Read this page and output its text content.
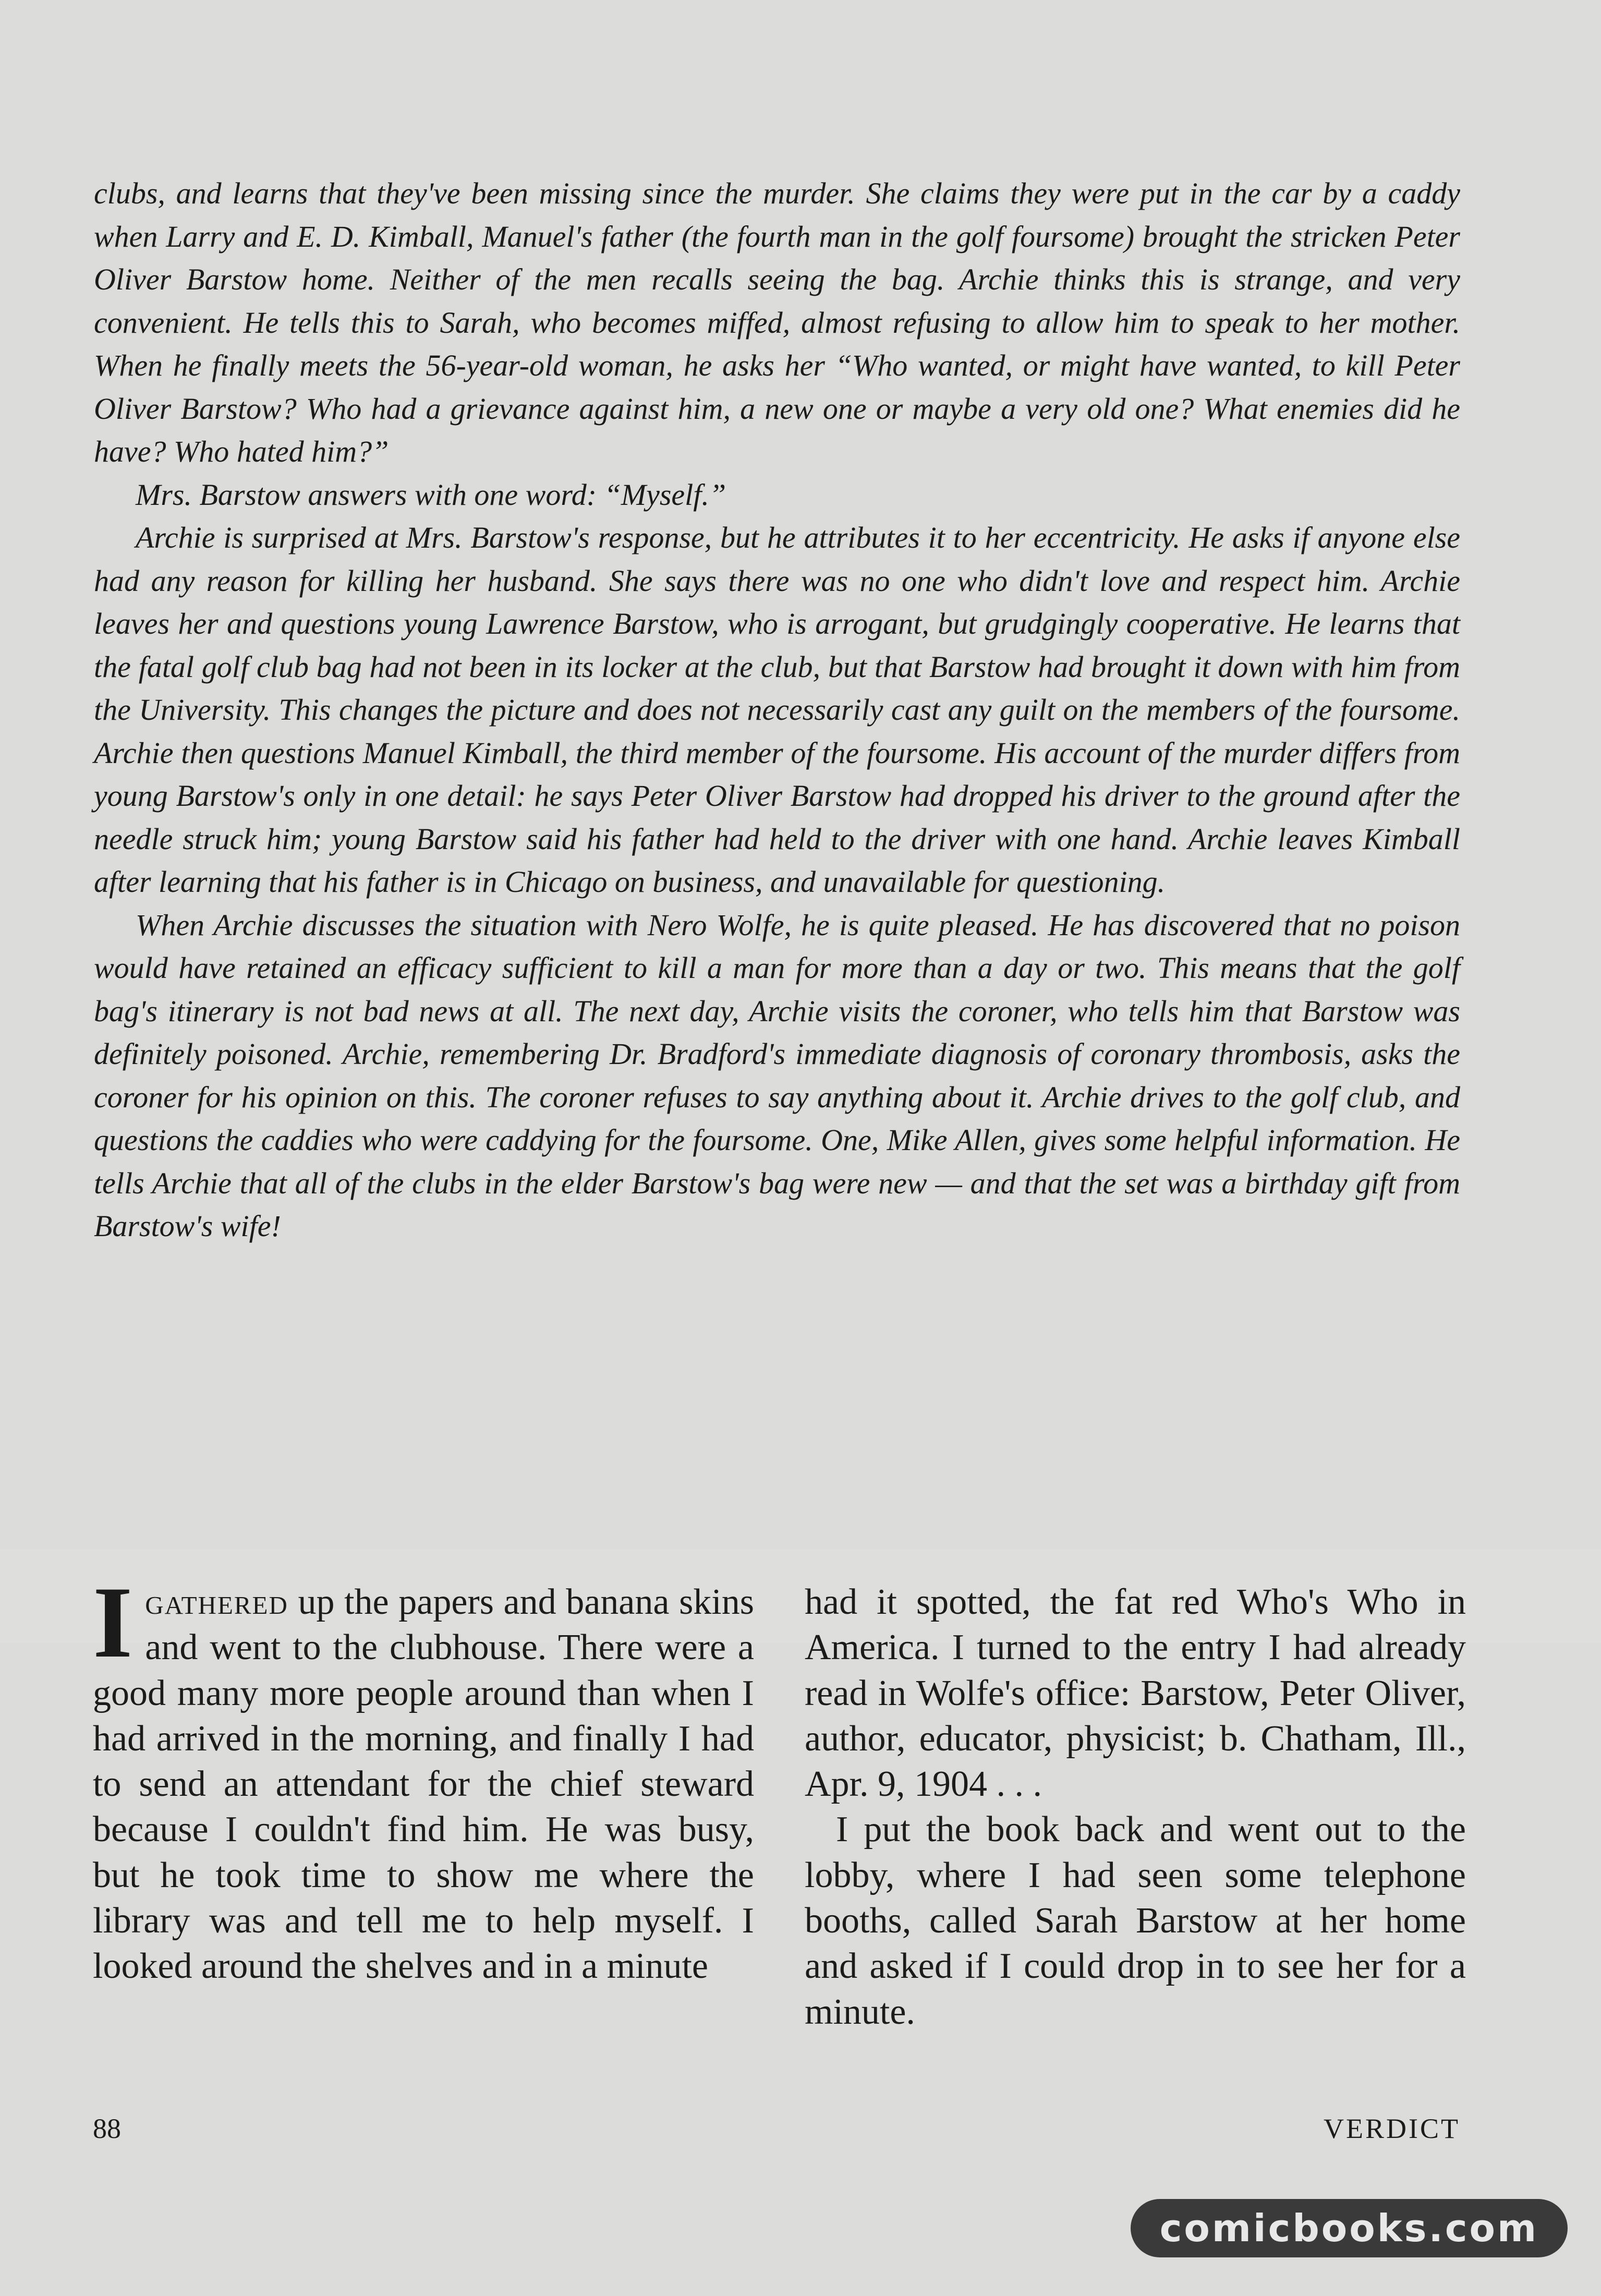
clubs, and learns that they've been missing since the murder. She claims they were put in the car by a caddy when Larry and E. D. Kimball, Manuel's father (the fourth man in the golf foursome) brought the stricken Peter Oliver Barstow home. Neither of the men recalls seeing the bag. Archie thinks this is strange, and very convenient. He tells this to Sarah, who becomes miffed, almost refusing to allow him to speak to her mother. When he finally meets the 56-year-old woman, he asks her “Who wanted, or might have wanted, to kill Peter Oliver Barstow? Who had a grievance against him, a new one or maybe a very old one? What enemies did he have? Who hated him?”

Mrs. Barstow answers with one word: “Myself.”

Archie is surprised at Mrs. Barstow's response, but he attributes it to her eccentricity. He asks if anyone else had any reason for killing her husband. She says there was no one who didn't love and respect him. Archie leaves her and questions young Lawrence Barstow, who is arrogant, but grudgingly cooperative. He learns that the fatal golf club bag had not been in its locker at the club, but that Barstow had brought it down with him from the University. This changes the picture and does not necessarily cast any guilt on the members of the foursome. Archie then questions Manuel Kimball, the third member of the foursome. His account of the murder differs from young Barstow's only in one detail: he says Peter Oliver Barstow had dropped his driver to the ground after the needle struck him; young Barstow said his father had held to the driver with one hand. Archie leaves Kimball after learning that his father is in Chicago on business, and unavailable for questioning.

When Archie discusses the situation with Nero Wolfe, he is quite pleased. He has discovered that no poison would have retained an efficacy sufficient to kill a man for more than a day or two. This means that the golf bag's itinerary is not bad news at all. The next day, Archie visits the coroner, who tells him that Barstow was definitely poisoned. Archie, remembering Dr. Bradford's immediate diagnosis of coronary thrombosis, asks the coroner for his opinion on this. The coroner refuses to say anything about it. Archie drives to the golf club, and questions the caddies who were caddying for the foursome. One, Mike Allen, gives some helpful information. He tells Archie that all of the clubs in the elder Barstow's bag were new — and that the set was a birthday gift from Barstow's wife!

Igathered up the papers and banana skins and went to the clubhouse. There were a good many more people around than when I had arrived in the morning, and finally I had to send an attendant for the chief steward because I couldn't find him. He was busy, but he took time to show me where the library was and tell me to help myself. I looked around the shelves and in a minute

had it spotted, the fat red Who's Who in America. I turned to the entry I had already read in Wolfe's office: Barstow, Peter Oliver, author, educator, physicist; b. Chatham, Ill., Apr. 9, 1904 . . .

I put the book back and went out to the lobby, where I had seen some telephone booths, called Sarah Barstow at her home and asked if I could drop in to see her for a minute.

88	VERDICT
comicbooks.com
